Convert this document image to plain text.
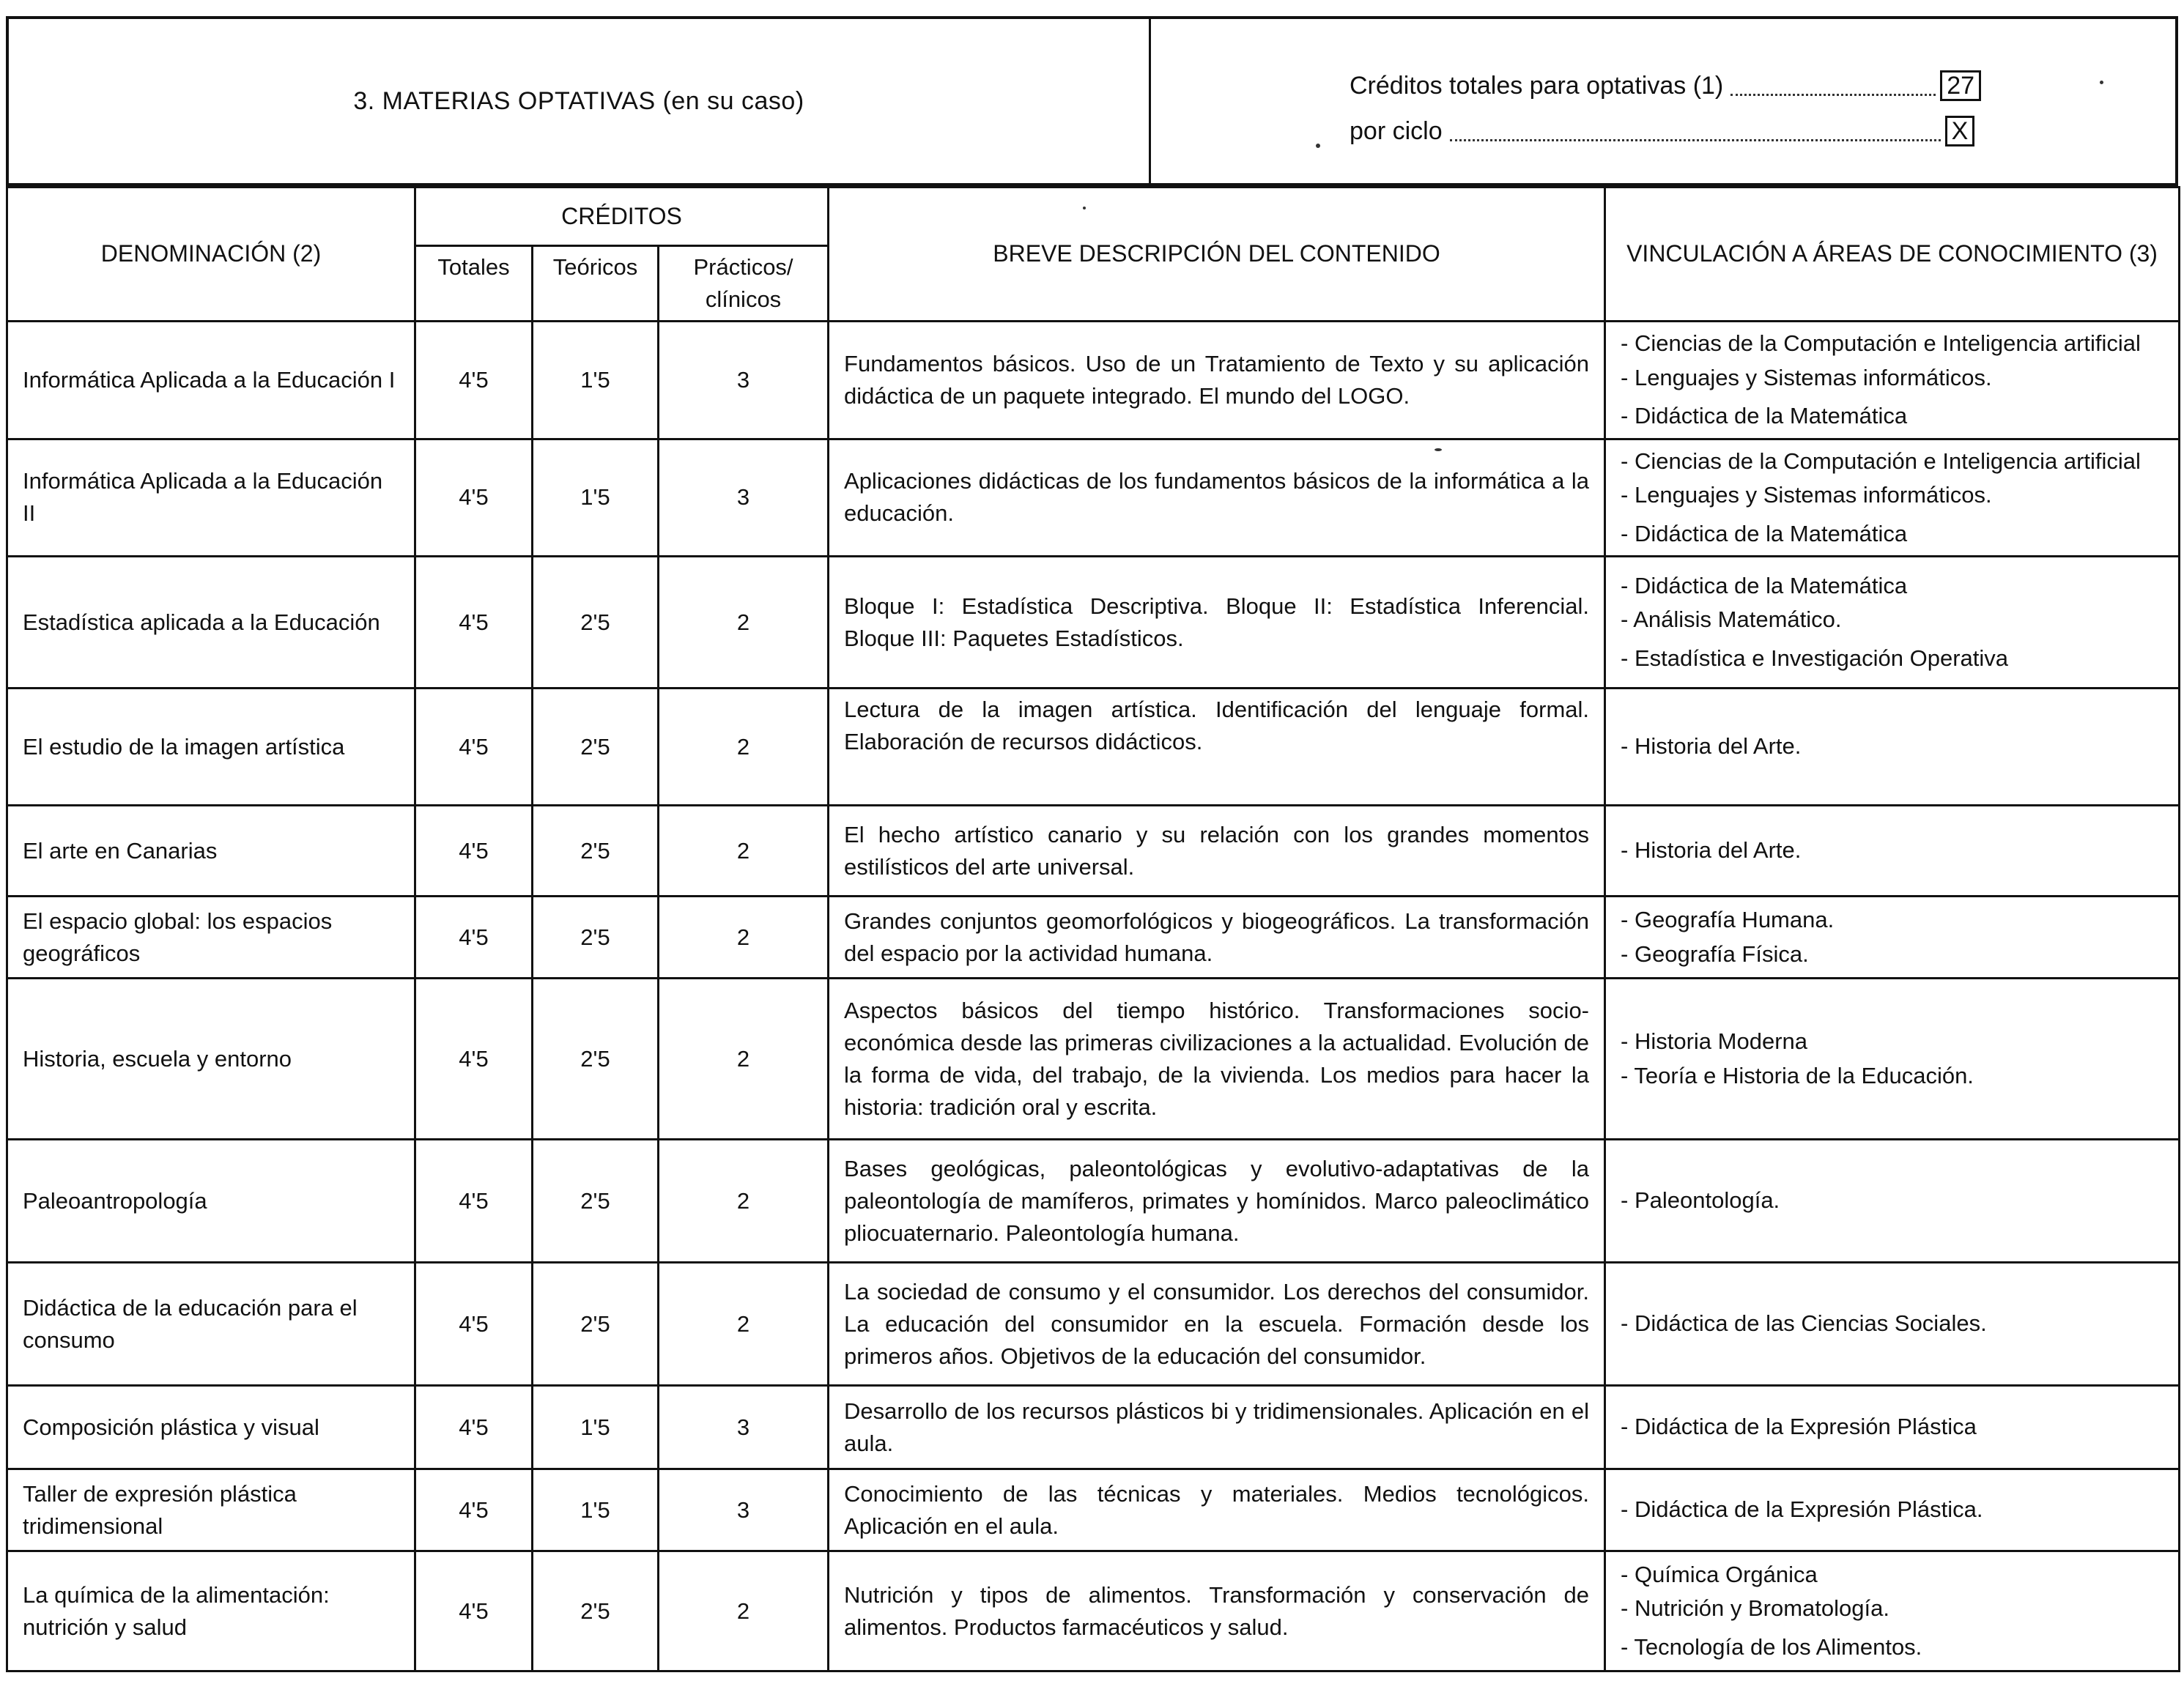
3. MATERIAS OPTATIVAS (en su caso)
Créditos totales para optativas (1)	27
por ciclo	X
DENOMINACIÓN (2)	CRÉDITOS			BREVE DESCRIPCIÓN DEL CONTENIDO	VINCULACIÓN A ÁREAS DE CONOCIMIENTO (3)
	Totales	Teóricos	Prácticos/ clínicos		
Informática Aplicada a la Educación I	4'5	1'5	3	Fundamentos básicos. Uso de un Tratamiento de Texto y su aplicación didáctica de un paquete integrado. El mundo del LOGO.	- Ciencias de la Computación e Inteligencia artificial
- Lenguajes y Sistemas informáticos.
- Didáctica de la Matemática

Informática Aplicada a la Educación II	4'5	1'5	3	Aplicaciones didácticas de los fundamentos básicos de la informática a la educación.	- Ciencias de la Computación e Inteligencia artificial
- Lenguajes y Sistemas informáticos.
- Didáctica de la Matemática

Estadística aplicada a la Educación	4'5	2'5	2	Bloque I: Estadística Descriptiva. Bloque II: Estadística Inferencial. Bloque III: Paquetes Estadísticos.	- Didáctica de la Matemática
- Análisis Matemático.
- Estadística e Investigación Operativa

El estudio de la imagen artística	4'5	2'5	2	Lectura de la imagen artística. Identificación del lenguaje formal. Elaboración de recursos didácticos.	- Historia del Arte.

El arte en Canarias	4'5	2'5	2	El hecho artístico canario y su relación con los grandes momentos estilísticos del arte universal.	- Historia del Arte.

El espacio global: los espacios geográficos	4'5	2'5	2	Grandes conjuntos geomorfológicos y biogeográficos. La transformación del espacio por la actividad humana.	- Geografía Humana.
- Geografía Física.

Historia, escuela y entorno	4'5	2'5	2	Aspectos básicos del tiempo histórico. Transformaciones socio-económica desde las primeras civilizaciones a la actualidad. Evolución de la forma de vida, del trabajo, de la vivienda. Los medios para hacer la historia: tradición oral y escrita.	- Historia Moderna
- Teoría e Historia de la Educación.

Paleoantropología	4'5	2'5	2	Bases geológicas, paleontológicas y evolutivo-adaptativas de la paleontología de mamíferos, primates y homínidos. Marco paleoclimático pliocuaternario. Paleontología humana.	- Paleontología.

Didáctica de la educación para el consumo	4'5	2'5	2	La sociedad de consumo y el consumidor. Los derechos del consumidor. La educación del consumidor en la escuela. Formación desde los primeros años. Objetivos de la educación del consumidor.	- Didáctica de las Ciencias Sociales.

Composición plástica y visual	4'5	1'5	3	Desarrollo de los recursos plásticos bi y tridimensionales. Aplicación en el aula.	- Didáctica de la Expresión Plástica

Taller de expresión plástica tridimensional	4'5	1'5	3	Conocimiento de las técnicas y materiales. Medios tecnológicos. Aplicación en el aula.	- Didáctica de la Expresión Plástica.

La química de la alimentación: nutrición y salud	4'5	2'5	2	Nutrición y tipos de alimentos. Transformación y conservación de alimentos. Productos farmacéuticos y salud.	- Química Orgánica
- Nutrición y Bromatología.
- Tecnología de los Alimentos.
